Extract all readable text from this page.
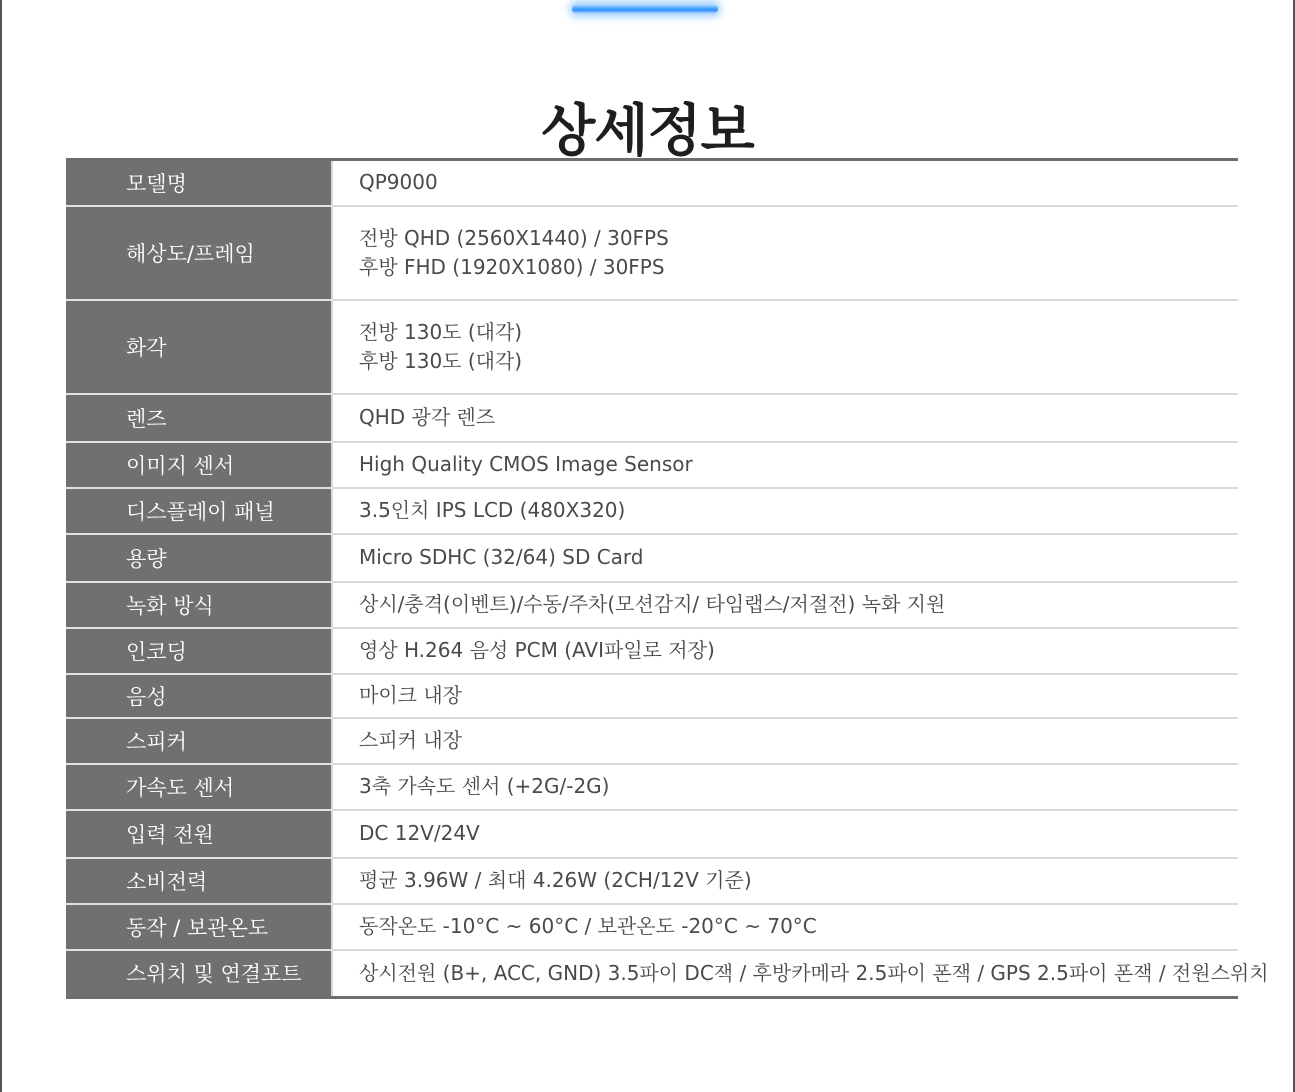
상세정보
모델명	QP9000

해상도/프레임	전방 QHD (2560X1440) / 30FPS
후방 FHD (1920X1080) / 30FPS

화각	전방 130도 (대각)
후방 130도 (대각)

렌즈	QHD 광각 렌즈

이미지 센서	High Quality CMOS Image Sensor

디스플레이 패널	3.5인치 IPS LCD (480X320)

용량	Micro SDHC (32/64) SD Card

녹화 방식	상시/충격(이벤트)/수동/주차(모션감지/ 타임랩스/저절전) 녹화 지원

인코딩	영상 H.264 음성 PCM (AVI파일로 저장)

음성	마이크 내장

스피커	스피커 내장

가속도 센서	3축 가속도 센서 (+2G/-2G)

입력 전원	DC 12V/24V

소비전력	평균 3.96W / 최대 4.26W (2CH/12V 기준)

동작 / 보관온도	동작온도 -10°C ~ 60°C / 보관온도 -20°C ~ 70°C

스위치 및 연결포트	상시전원 (B+, ACC, GND) 3.5파이 DC잭 / 후방카메라 2.5파이 폰잭 / GPS 2.5파이 폰잭 / 전원스위치
